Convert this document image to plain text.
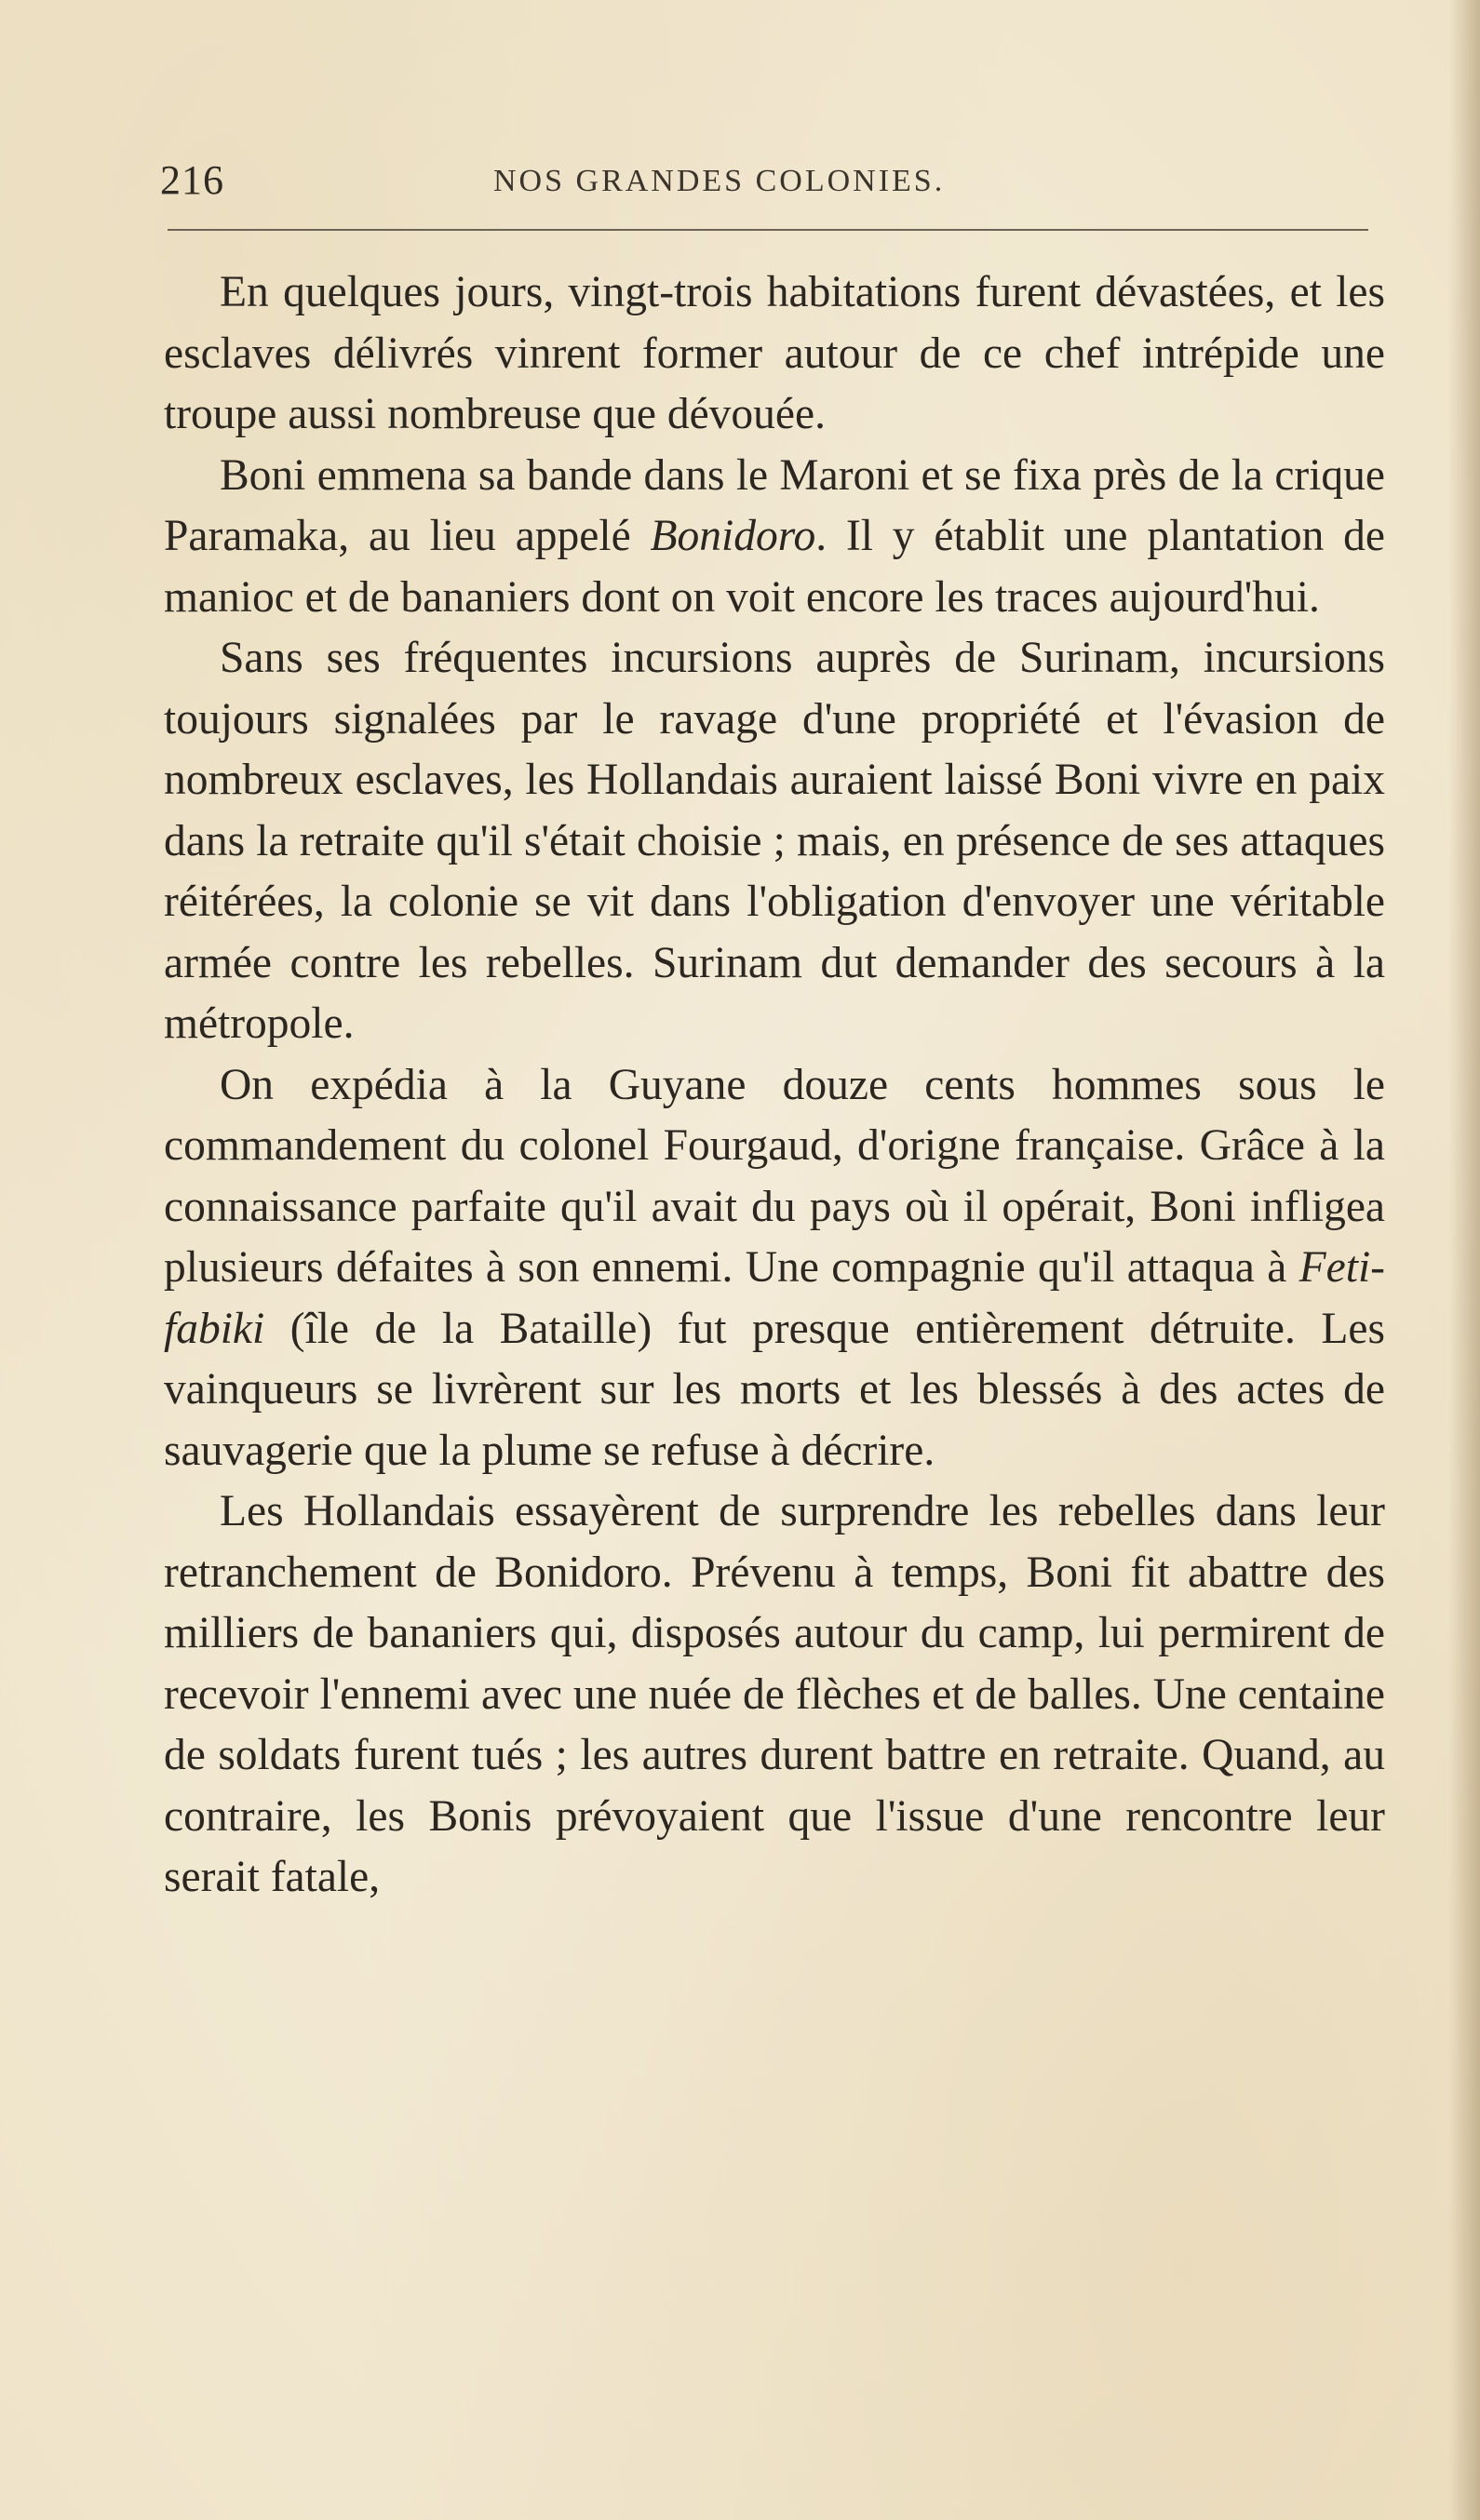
216	NOS GRANDES COLONIES.

En quelques jours, vingt-trois habitations furent dévastées, et les esclaves délivrés vinrent former autour de ce chef intrépide une troupe aussi nombreuse que dévouée.

Boni emmena sa bande dans le Maroni et se fixa près de la crique Paramaka, au lieu appelé Bonidoro. Il y établit une plantation de manioc et de bananiers dont on voit encore les traces aujourd'hui.

Sans ses fréquentes incursions auprès de Surinam, incursions toujours signalées par le ravage d'une propriété et l'évasion de nombreux esclaves, les Hollandais auraient laissé Boni vivre en paix dans la retraite qu'il s'était choisie ; mais, en présence de ses attaques réitérées, la colonie se vit dans l'obligation d'envoyer une véritable armée contre les rebelles. Surinam dut demander des secours à la métropole.

On expédia à la Guyane douze cents hommes sous le commandement du colonel Fourgaud, d'origne française. Grâce à la connaissance parfaite qu'il avait du pays où il opérait, Boni infligea plusieurs défaites à son ennemi. Une compagnie qu'il attaqua à Fetifabiki (île de la Bataille) fut presque entièrement détruite. Les vainqueurs se livrèrent sur les morts et les blessés à des actes de sauvagerie que la plume se refuse à décrire.

Les Hollandais essayèrent de surprendre les rebelles dans leur retranchement de Bonidoro. Prévenu à temps, Boni fit abattre des milliers de bananiers qui, disposés autour du camp, lui permirent de recevoir l'ennemi avec une nuée de flèches et de balles. Une centaine de soldats furent tués ; les autres durent battre en retraite. Quand, au contraire, les Bonis prévoyaient que l'issue d'une rencontre leur serait fatale,
